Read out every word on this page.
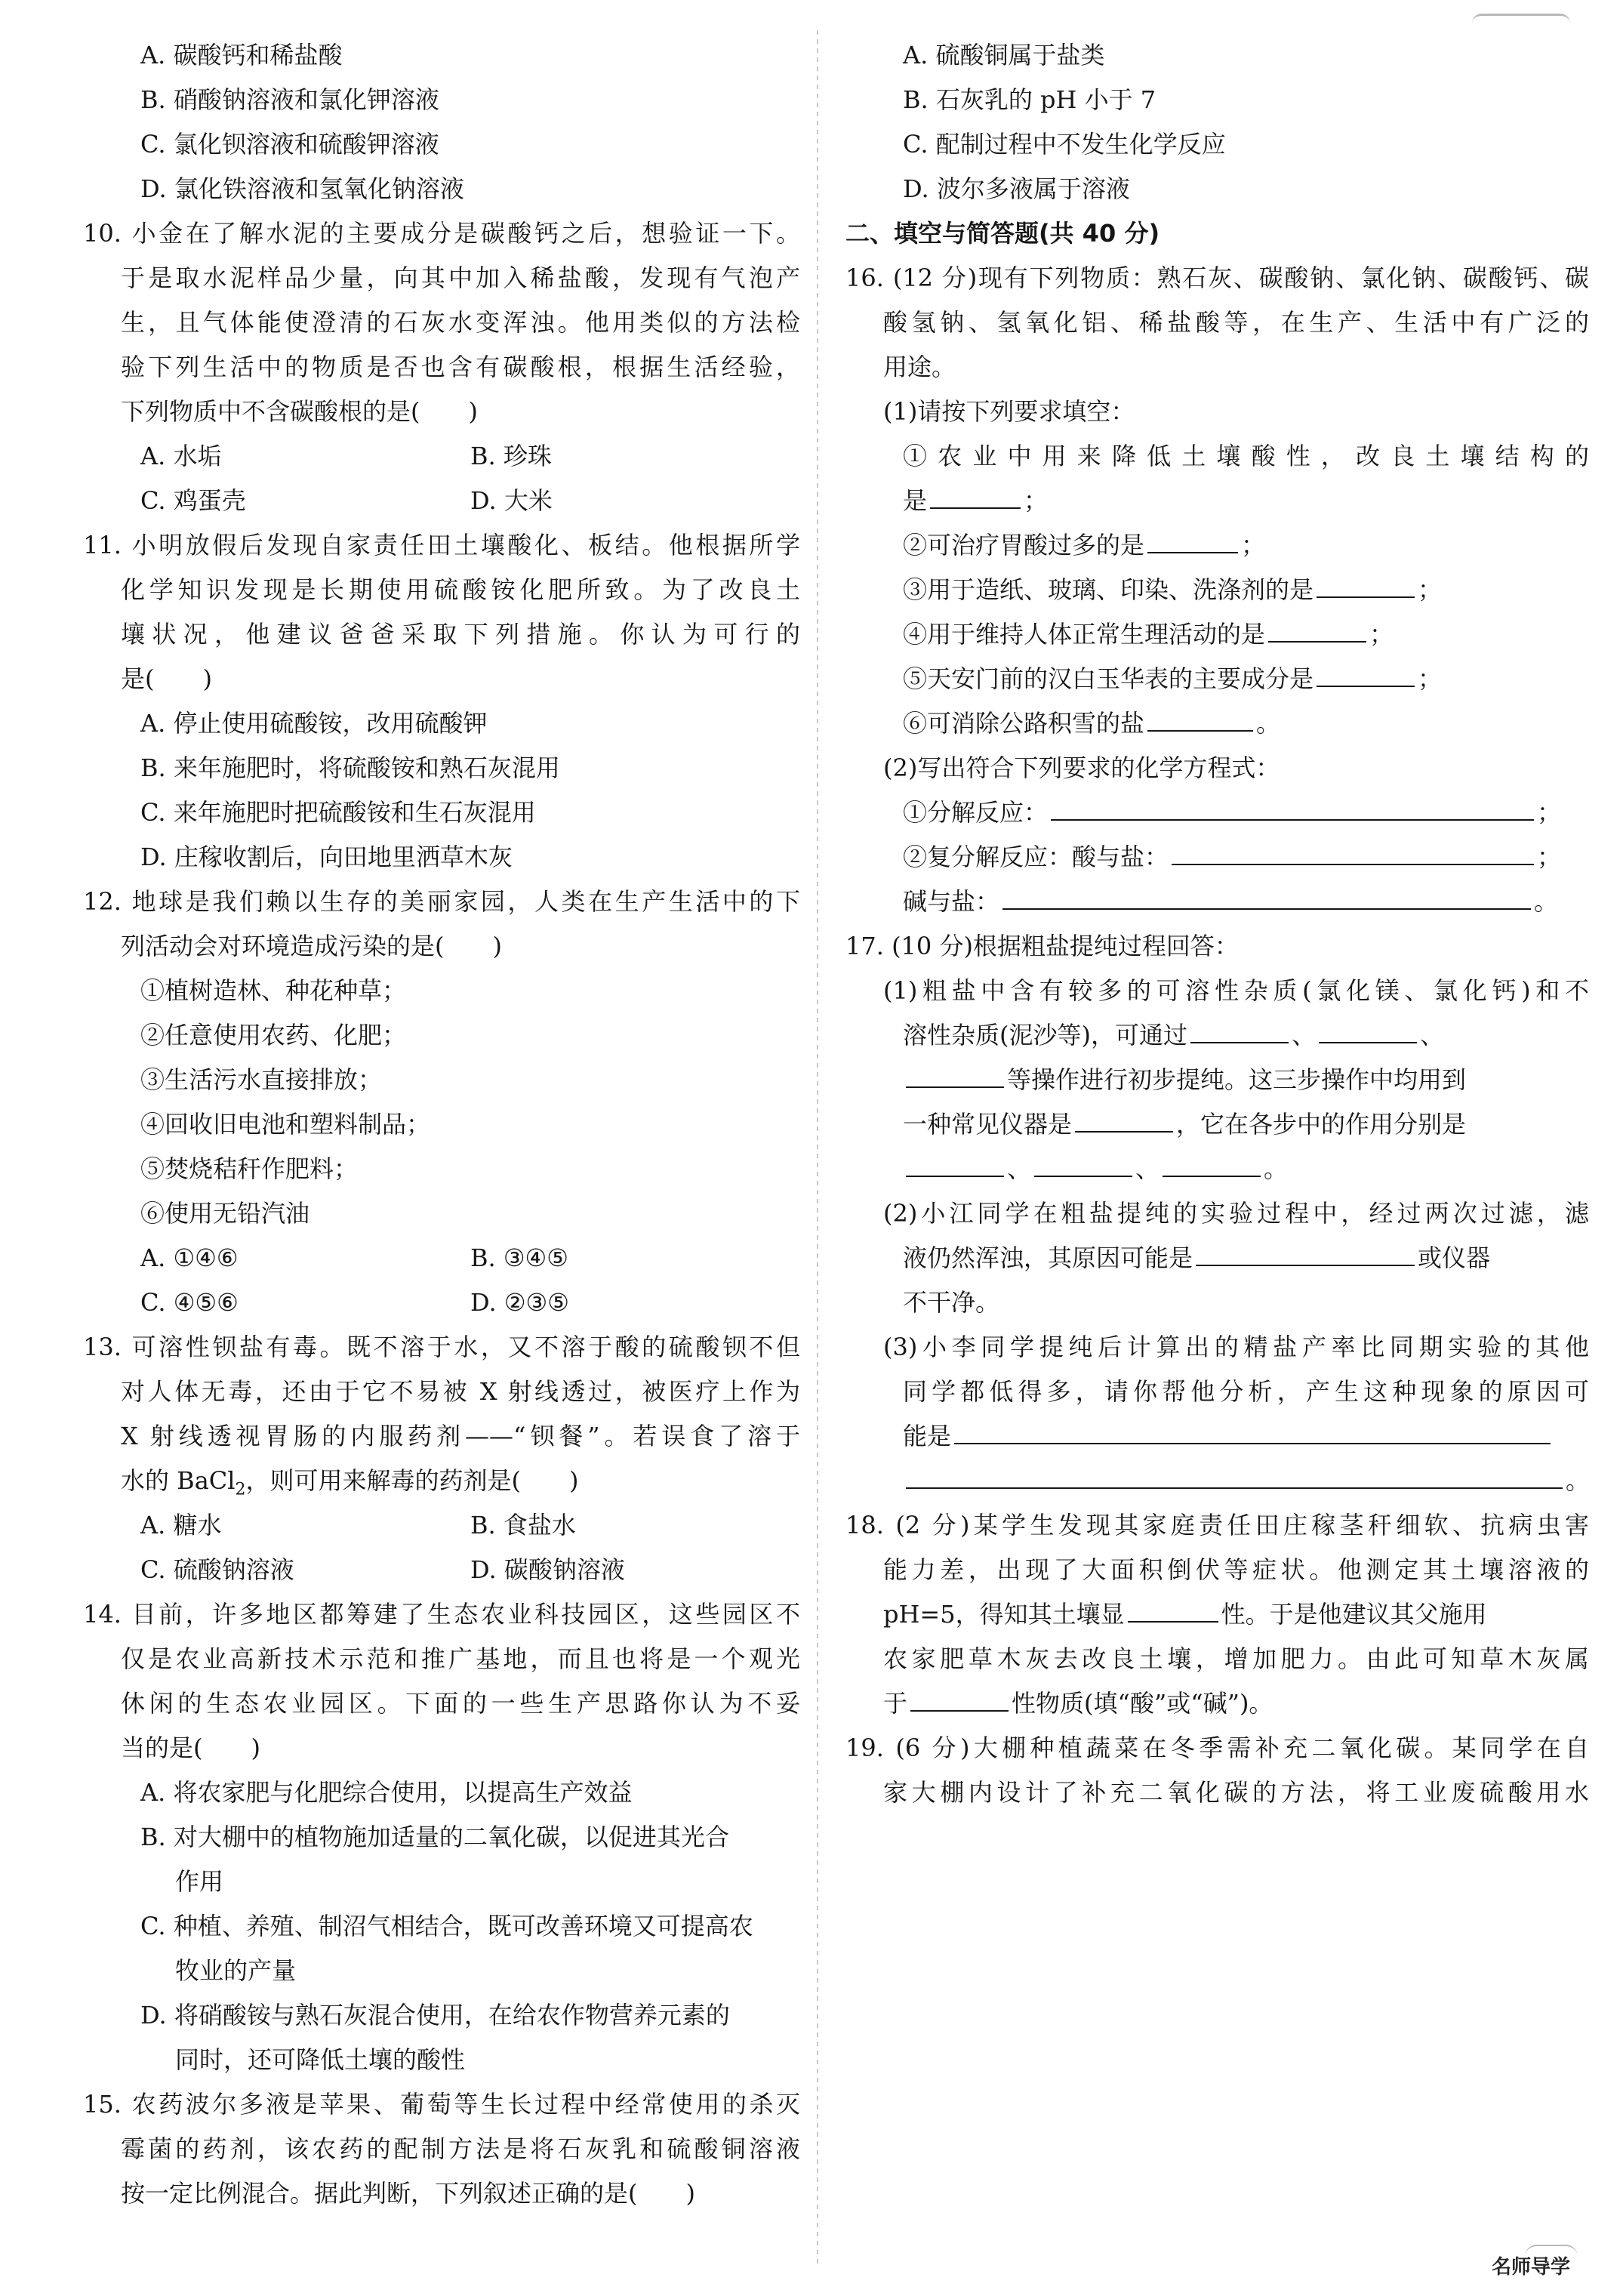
A. 碳酸钙和稀盐酸
B. 硝酸钠溶液和氯化钾溶液
C. 氯化钡溶液和硫酸钾溶液
D. 氯化铁溶液和氢氧化钠溶液
10. 小金在了解水泥的主要成分是碳酸钙之后，想验证一下。
于是取水泥样品少量，向其中加入稀盐酸，发现有气泡产
生，且气体能使澄清的石灰水变浑浊。他用类似的方法检
验下列生活中的物质是否也含有碳酸根，根据生活经验，
下列物质中不含碳酸根的是(　　)
A. 水垢	B. 珍珠
C. 鸡蛋壳	D. 大米
11. 小明放假后发现自家责任田土壤酸化、板结。他根据所学
化学知识发现是长期使用硫酸铵化肥所致。为了改良土
壤状况，他建议爸爸采取下列措施。你认为可行的
是(　　)
A. 停止使用硫酸铵，改用硫酸钾
B. 来年施肥时，将硫酸铵和熟石灰混用
C. 来年施肥时把硫酸铵和生石灰混用
D. 庄稼收割后，向田地里洒草木灰
12. 地球是我们赖以生存的美丽家园，人类在生产生活中的下
列活动会对环境造成污染的是(　　)
①植树造林、种花种草；
②任意使用农药、化肥；
③生活污水直接排放；
④回收旧电池和塑料制品；
⑤焚烧秸秆作肥料；
⑥使用无铅汽油
A. ①④⑥	B. ③④⑤
C. ④⑤⑥	D. ②③⑤
13. 可溶性钡盐有毒。既不溶于水，又不溶于酸的硫酸钡不但
对人体无毒，还由于它不易被 X 射线透过，被医疗上作为
X 射线透视胃肠的内服药剂——“钡餐”。若误食了溶于
水的 BaCl$_2$，则可用来解毒的药剂是(　　)
A. 糖水	B. 食盐水
C. 硫酸钠溶液	D. 碳酸钠溶液
14. 目前，许多地区都筹建了生态农业科技园区，这些园区不
仅是农业高新技术示范和推广基地，而且也将是一个观光
休闲的生态农业园区。下面的一些生产思路你认为不妥
当的是(　　)
A. 将农家肥与化肥综合使用，以提高生产效益
B. 对大棚中的植物施加适量的二氧化碳，以促进其光合
作用
C. 种植、养殖、制沼气相结合，既可改善环境又可提高农
牧业的产量
D. 将硝酸铵与熟石灰混合使用，在给农作物营养元素的
同时，还可降低土壤的酸性
15. 农药波尔多液是苹果、葡萄等生长过程中经常使用的杀灭
霉菌的药剂，该农药的配制方法是将石灰乳和硫酸铜溶液
按一定比例混合。据此判断，下列叙述正确的是(　　)
A. 硫酸铜属于盐类
B. 石灰乳的 pH 小于 7
C. 配制过程中不发生化学反应
D. 波尔多液属于溶液
二、填空与简答题(共 40 分)
16. (12 分)现有下列物质：熟石灰、碳酸钠、氯化钠、碳酸钙、碳
酸氢钠、氢氧化铝、稀盐酸等，在生产、生活中有广泛的
用途。
(1)请按下列要求填空：
①农业中用来降低土壤酸性，改良土壤结构的
是	；
②可治疗胃酸过多的是	；
③用于造纸、玻璃、印染、洗涤剂的是	；
④用于维持人体正常生理活动的是	；
⑤天安门前的汉白玉华表的主要成分是	；
⑥可消除公路积雪的盐	。
(2)写出符合下列要求的化学方程式：
①分解反应：	；
②复分解反应：酸与盐：	；
碱与盐：	。
17. (10 分)根据粗盐提纯过程回答：
(1)粗盐中含有较多的可溶性杂质(氯化镁、氯化钙)和不
溶性杂质(泥沙等)，可通过	、	、
等操作进行初步提纯。这三步操作中均用到
一种常见仪器是	，它在各步中的作用分别是
、	、	。
(2)小江同学在粗盐提纯的实验过程中，经过两次过滤，滤
液仍然浑浊，其原因可能是	或仪器
不干净。
(3)小李同学提纯后计算出的精盐产率比同期实验的其他
同学都低得多，请你帮他分析，产生这种现象的原因可
能是
。
18. (2 分)某学生发现其家庭责任田庄稼茎秆细软、抗病虫害
能力差，出现了大面积倒伏等症状。他测定其土壤溶液的
pH=5，得知其土壤显	性。于是他建议其父施用
农家肥草木灰去改良土壤，增加肥力。由此可知草木灰属
于	性物质(填“酸”或“碱”)。
19. (6 分)大棚种植蔬菜在冬季需补充二氧化碳。某同学在自
家大棚内设计了补充二氧化碳的方法，将工业废硫酸用水
名师导学
